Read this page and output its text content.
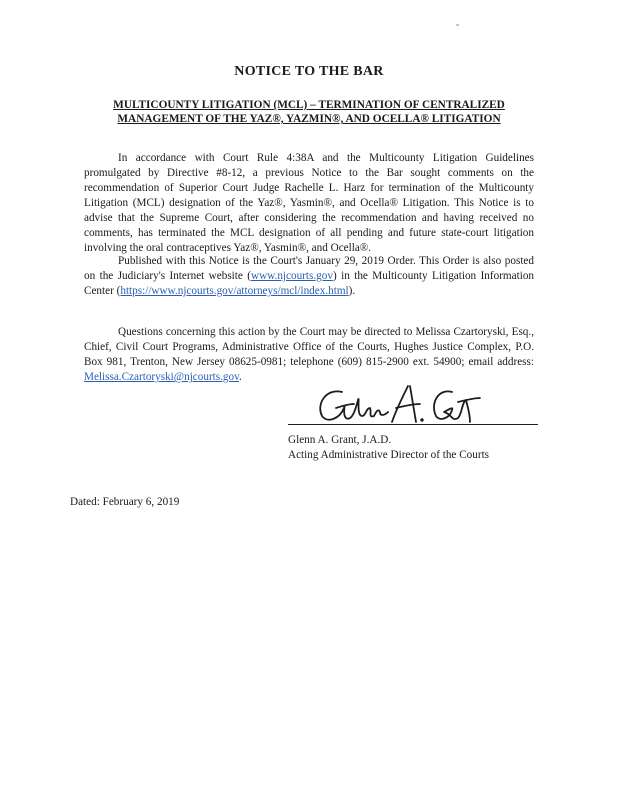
NOTICE TO THE BAR
MULTICOUNTY LITIGATION (MCL) – TERMINATION OF CENTRALIZED
MANAGEMENT OF THE YAZ®, YAZMIN®, AND OCELLA® LITIGATION

In accordance with Court Rule 4:38A and the Multicounty Litigation Guidelines promulgated by Directive #8-12, a previous Notice to the Bar sought comments on the recommendation of Superior Court Judge Rachelle L. Harz for termination of the Multicounty Litigation (MCL) designation of the Yaz®, Yasmin®, and Ocella® Litigation. This Notice is to advise that the Supreme Court, after considering the recommendation and having received no comments, has terminated the MCL designation of all pending and future state-court litigation involving the oral contraceptives Yaz®, Yasmin®, and Ocella®.

Published with this Notice is the Court's January 29, 2019 Order. This Order is also posted on the Judiciary's Internet website (www.njcourts.gov) in the Multicounty Litigation Information Center (https://www.njcourts.gov/attorneys/mcl/index.html).

Questions concerning this action by the Court may be directed to Melissa Czartoryski, Esq., Chief, Civil Court Programs, Administrative Office of the Courts, Hughes Justice Complex, P.O. Box 981, Trenton, New Jersey 08625-0981; telephone (609) 815-2900 ext. 54900; email address: Melissa.Czartoryski@njcourts.gov.

Glenn A. Grant, J.A.D.
Acting Administrative Director of the Courts
Dated: February 6, 2019
